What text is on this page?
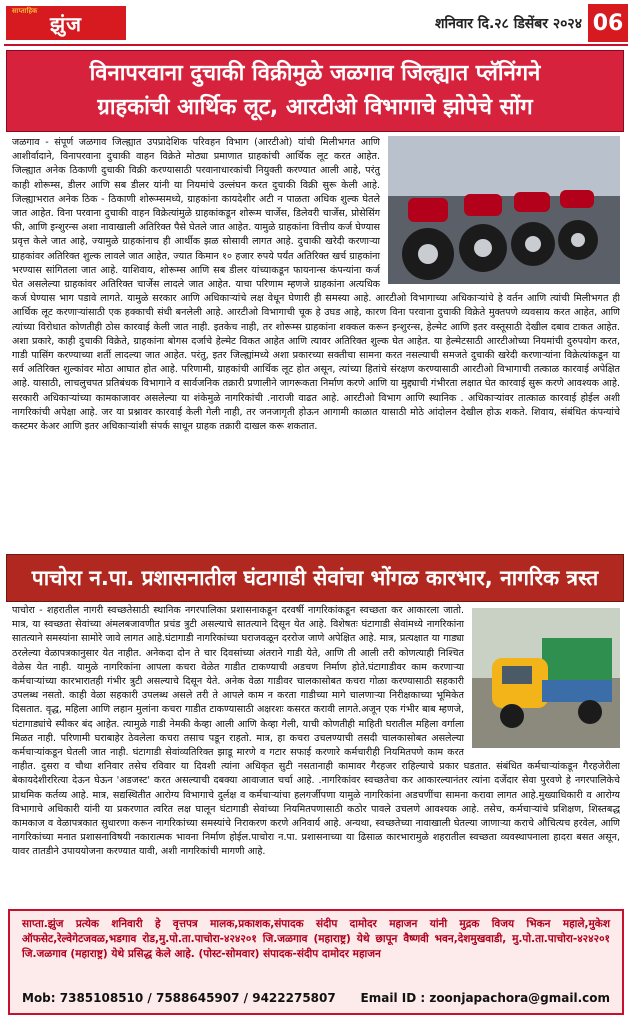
साप्ताहिक
झुंज	शनिवार दि.२८ डिसेंबर २०२४ 06
विनापरवाना दुचाकी विक्रीमुळे जळगाव जिल्ह्यात प्लॅनिंगने
ग्राहकांची आर्थिक लूट, आरटीओ विभागाचे झोपेचे सोंग
जळगाव - संपूर्ण जळगाव जिल्ह्यात उपप्रादेशिक परिवहन विभाग (आरटीओ) यांची मिलीभगत आणि आशीर्वादाने, विनापरवाना दुचाकी वाहन विक्रेते मोठ्या प्रमाणात ग्राहकांची आर्थिक लूट करत आहेत. जिल्ह्यात अनेक ठिकाणी दुचाकी विक्री करण्यासाठी परवानाधारकांची नियुक्ती करण्यात आली आहे, परंतु काही शोरूम्स, डीलर आणि सब डीलर यांनी या नियमांचे उल्लंघन करत दुचाकी विक्री सुरू केली आहे. जिल्ह्याभरात अनेक ठिक - ठिकाणी शोरूम्समध्ये, ग्राहकांना कायदेशीर अटी न पाळता अधिक शुल्क घेतले जात आहेत. विना परवाना दुचाकी वाहन विक्रेत्यांमुळे ग्राहकांकडून शोरूम चार्जेस, डिलेवरी चार्जेस, प्रोसेसिंग फी, आणि इन्शुरन्स अशा नावाखाली अतिरिक्त पैसे घेतले जात आहेत. यामुळे ग्राहकांना वित्तीय कर्ज घेण्यास प्रवृत्त केले जात आहे, ज्यामुळे ग्राहकांनाच ही आर्थीक झळ सोसावी लागत आहे. दुचाकी खरेदी करणाऱ्या ग्राहकांवर अतिरिक्त शुल्क लावले जात आहेत, ज्यात किमान १० हजार रुपये पर्यंत अतिरिक्त खर्च ग्राहकांना भरण्यास सांगितला जात आहे. याशिवाय, शोरूम्स आणि सब डीलर यांच्याकडून फायनान्स कंपन्यांना कर्ज घेत असलेल्या ग्राहकांवर अतिरिक्त चार्जेस लादले जात आहेत. याचा परिणाम म्हणजे ग्राहकांना अत्यधिक कर्ज घेण्यास भाग पडावे लागते. यामुळे सरकार आणि अधिकाऱ्यांचे लक्ष वेधून घेणारी ही समस्या आहे. आरटीओ विभागाच्या अधिकाऱ्यांचे हे वर्तन आणि त्यांची मिलीभगत ही आर्थिक लूट करणाऱ्यांसाठी एक हक्काची संधी बनलेली आहे. आरटीओ विभागाची चूक हे उघड आहे, कारण विना परवाना दुचाकी विक्रेते मुक्तपणे व्यवसाय करत आहेत, आणि त्यांच्या विरोधात कोणतीही ठोस कारवाई केली जात नाही. इतकेच नाही, तर शोरूम्स ग्राहकांना शक्कल करून इन्शुरन्स, हेल्मेट आणि इतर वस्तूसाठी देखील दबाव टाकत आहेत. अशा प्रकारे, काही दुचाकी विक्रेते, ग्राहकांना बोगस दर्जाचे हेल्मेट विकत आहेत आणि त्यावर अतिरिक्त शुल्क घेत आहेत. या हेल्मेटसाठी आरटीओच्या नियमांची दुरुपयोग करत, गाडी पासिंग करण्याच्या शर्ती लादल्या जात आहेत. परंतु, इतर जिल्ह्यांमध्ये अशा प्रकारच्या सक्तीचा सामना करत नसल्याची समजते दुचाकी खरेदी करणाऱ्यांना विक्रेत्यांकडून या सर्व अतिरिक्त शुल्कांवर मोठा आघात होत आहे. परिणामी, ग्राहकांची आर्थिक लूट होत असून, त्यांच्या हितांचे संरक्षण करण्यासाठी आरटीओ विभागाची तत्काळ कारवाई अपेक्षित आहे. यासाठी, लाचलुचपत प्रतिबंधक विभागाने व सार्वजनिक तक्रारी प्रणालीने जागरूकता निर्माण करणे आणि या मुद्द्याची गंभीरता लक्षात घेत कारवाई सुरू करणे आवश्यक आहे. सरकारी अधिकाऱ्यांच्या कामकाजावर असलेल्या या शंकेमुळे नागरिकांची .नाराजी वाढत आहे. आरटीओ विभाग आणि स्थानिक . अधिकाऱ्यांवर तात्काळ कारवाई होईल अशी नागरिकांची अपेक्षा आहे. जर या प्रश्नावर कारवाई केली गेली नाही, तर जनजागृती होऊन आगामी काळात यासाठी मोठे आंदोलन देखील होऊ शकते. शिवाय, संबंधित कंपन्यांचे कस्टमर केअर आणि इतर अधिकाऱ्यांशी संपर्क साधून ग्राहक तक्रारी दाखल करू शकतात.
पाचोरा न.पा. प्रशासनातील घंटागाडी सेवांचा भोंगळ कारभार, नागरिक त्रस्त
पाचोरा - शहरातील नागरी स्वच्छतेसाठी स्थानिक नगरपालिका प्रशासनाकडून दरवर्षी नागरिकांकडून स्वच्छता कर आकारला जातो. मात्र, या स्वच्छता सेवांच्या अंमलबजावणीत प्रचंड त्रुटी असल्याचे सातत्याने दिसून येत आहे. विशेषतः घंटागाडी सेवांमध्ये नागरिकांना सातत्याने समस्यांना सामोरे जावे लागत आहे.घंटागाडी नागरिकांच्या घराजवळून दररोज जाणे अपेक्षित आहे. मात्र, प्रत्यक्षात या गाड्या ठरलेल्या वेळापत्रकानुसार येत नाहीत. अनेकदा दोन ते चार दिवसांच्या अंतराने गाडी येते, आणि ती आली तरी कोणत्याही निश्चित वेळेस येत नाही. यामुळे नागरिकांना आपला कचरा वेळेत गाडीत टाकण्याची अडचण निर्माण होते.घंटागाडीवर काम करणाऱ्या कर्मचाऱ्यांच्या कारभारातही गंभीर त्रुटी असल्याचे दिसून येते. अनेक वेळा गाडीवर चालकासोबत कचरा गोळा करण्यासाठी सहकारी उपलब्ध नसतो. काही वेळा सहकारी उपलब्ध असले तरी ते आपले काम न करता गाडीच्या मागे चालणाऱ्या निरीक्षकाच्या भूमिकेत दिसतात. वृद्ध, महिला आणि लहान मुलांना कचरा गाडीत टाकण्यासाठी अक्षरशः कसरत करावी लागते.अजून एक गंभीर बाब म्हणजे, घंटागाड्यांचे स्पीकर बंद आहेत. त्यामुळे गाडी नेमकी केव्हा आली आणि केव्हा गेली, याची कोणतीही माहिती घरातील महिला वर्गाला मिळत नाही. परिणामी घराबाहेर ठेवलेला कचरा तसाच पडून राहतो. मात्र, हा कचरा उचलण्याची तसदी चालकासोबत असलेल्या कर्मचाऱ्यांकडून घेतली जात नाही. घंटागाडी सेवांव्यतिरिक्त झाडू मारणे व गटार सफाई करणारे कर्मचारीही नियमितपणे काम करत नाहीत. दुसरा व चौथा शनिवार तसेच रविवार या दिवशी त्यांना अधिकृत सुटी नसतानाही कामावर गैरहजर राहिल्याचे प्रकार घडतात. संबंधित कर्मचाऱ्यांकडून गैरहजेरीला बेकायदेशीररित्या देऊन घेऊन 'अडजस्ट' करत असल्याची दबक्या आवाजात चर्चा आहे. .नागरिकांवर स्वच्छतेचा कर आकारल्यानंतर त्यांना दर्जेदार सेवा पुरवणे हे नगरपालिकेचे प्राथमिक कर्तव्य आहे. मात्र, सद्यस्थितीत आरोग्य विभागाचे दुर्लक्ष व कर्मचाऱ्यांचा हलगर्जीपणा यामुळे नागरिकांना अडचणींचा सामना करावा लागत आहे.मुख्याधिकारी व आरोग्य विभागाचे अधिकारी यांनी या प्रकरणात त्वरित लक्ष घालून घंटागाडी सेवांच्या नियमितपणासाठी कठोर पावले उचलणे आवश्यक आहे. तसेच, कर्मचाऱ्यांचे प्रशिक्षण, शिस्तबद्ध कामकाज व वेळापत्रकात सुधारणा करून नागरिकांच्या समस्यांचे निराकरण करणे अनिवार्य आहे. अन्यथा, स्वच्छतेच्या नावाखाली घेतल्या जाणाऱ्या कराचे औचित्यच हरवेल, आणि नागरिकांच्या मनात प्रशासनाविषयी नकारात्मक भावना निर्माण होईल.पाचोरा न.पा. प्रशासनाच्या या ढिसाळ कारभारामुळे शहरातील स्वच्छता व्यवस्थापनाला हादरा बसत असून, यावर तातडीने उपाययोजना करण्यात यावी, अशी नागरिकांची मागणी आहे.
साप्ता.झुंज प्रत्येक शनिवारी हे वृत्तपत्र मालक,प्रकाशक,संपादक संदीप दामोदर महाजन यांनी मुद्रक विजय भिकन महाले,मुकेश ऑफसेट,रेल्वेगेटजवळ,भडगाव रोड,मु.पो.ता.पाचोरा-४२४२०१ जि.जळगाव (महाराष्ट्र) येथे छापून वैष्णवी भवन,देशमुखवाडी, मु.पो.ता.पाचोरा-४२४२०१ जि.जळगाव (महाराष्ट्र) येथे प्रसिद्ध केले आहे. (पोस्ट-सोमवार) संपादक-संदीप दामोदर महाजन
Mob: 7385108510 / 7588645907 / 9422275807 Email ID : zoonjapachora@gmail.com
